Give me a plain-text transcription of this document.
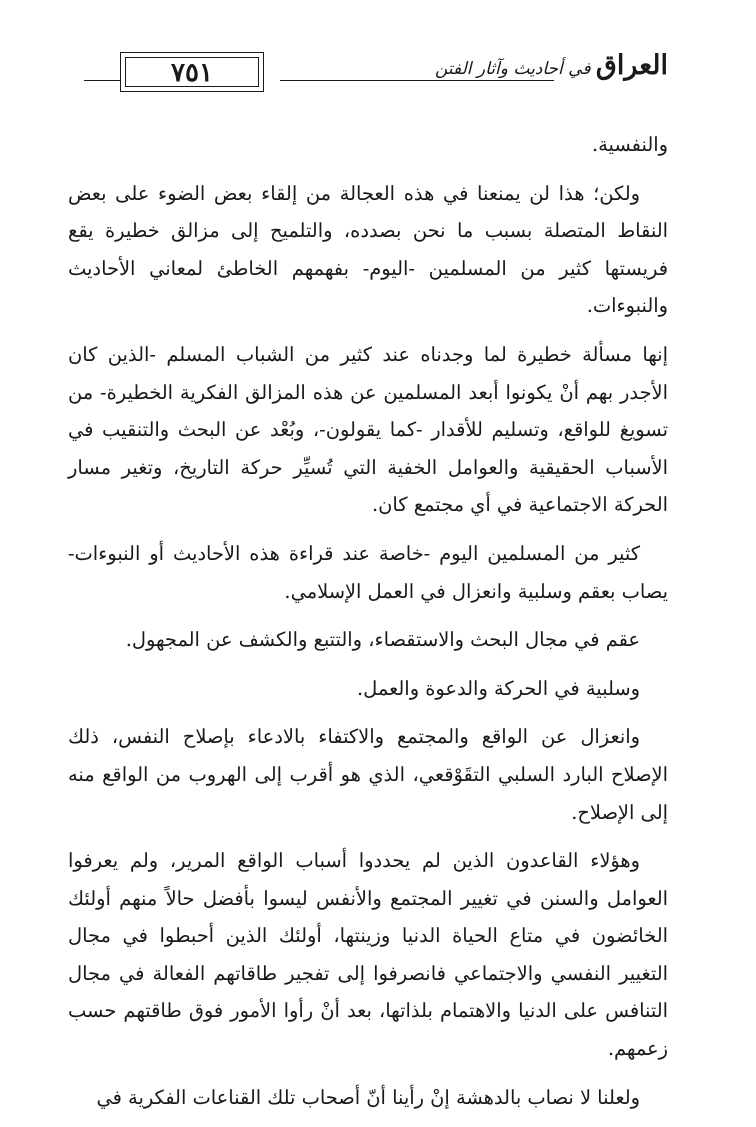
٧٥١	العراق في أحاديث وآثار الفتن

والنفسية.

ولكن؛ هذا لن يمنعنا في هذه العجالة من إلقاء بعض الضوء على بعض النقاط المتصلة بسبب ما نحن بصدده، والتلميح إلى مزالق خطيرة يقع فريستها كثير من المسلمين -اليوم- بفهمهم الخاطئ لمعاني الأحاديث والنبوءات.

إنها مسألة خطيرة لما وجدناه عند كثير من الشباب المسلم -الذين كان الأجدر بهم أنْ يكونوا أبعد المسلمين عن هذه المزالق الفكرية الخطيرة- من تسويغ للواقع، وتسليم للأقدار -كما يقولون-، وبُعْد عن البحث والتنقيب في الأسباب الحقيقية والعوامل الخفية التي تُسيِّر حركة التاريخ، وتغير مسار الحركة الاجتماعية في أي مجتمع كان.

كثير من المسلمين اليوم -خاصة عند قراءة هذه الأحاديث أو النبوءات- يصاب بعقم وسلبية وانعزال في العمل الإسلامي.

عقم في مجال البحث والاستقصاء، والتتبع والكشف عن المجهول.

وسلبية في الحركة والدعوة والعمل.

وانعزال عن الواقع والمجتمع والاكتفاء بالادعاء بإصلاح النفس، ذلك الإصلاح البارد السلبي التقَوْقعي، الذي هو أقرب إلى الهروب من الواقع منه إلى الإصلاح.

وهؤلاء القاعدون الذين لم يحددوا أسباب الواقع المرير، ولم يعرفوا العوامل والسنن في تغيير المجتمع والأنفس ليسوا بأفضل حالاً منهم أولئك الخائضون في متاع الحياة الدنيا وزينتها، أولئك الذين أحبطوا في مجال التغيير النفسي والاجتماعي فانصرفوا إلى تفجير طاقاتهم الفعالة في مجال التنافس على الدنيا والاهتمام بلذاتها، بعد أنْ رأوا الأمور فوق طاقتهم حسب زعمهم.

ولعلنا لا نصاب بالدهشة إنْ رأينا أنّ أصحاب تلك القناعات الفكرية في
